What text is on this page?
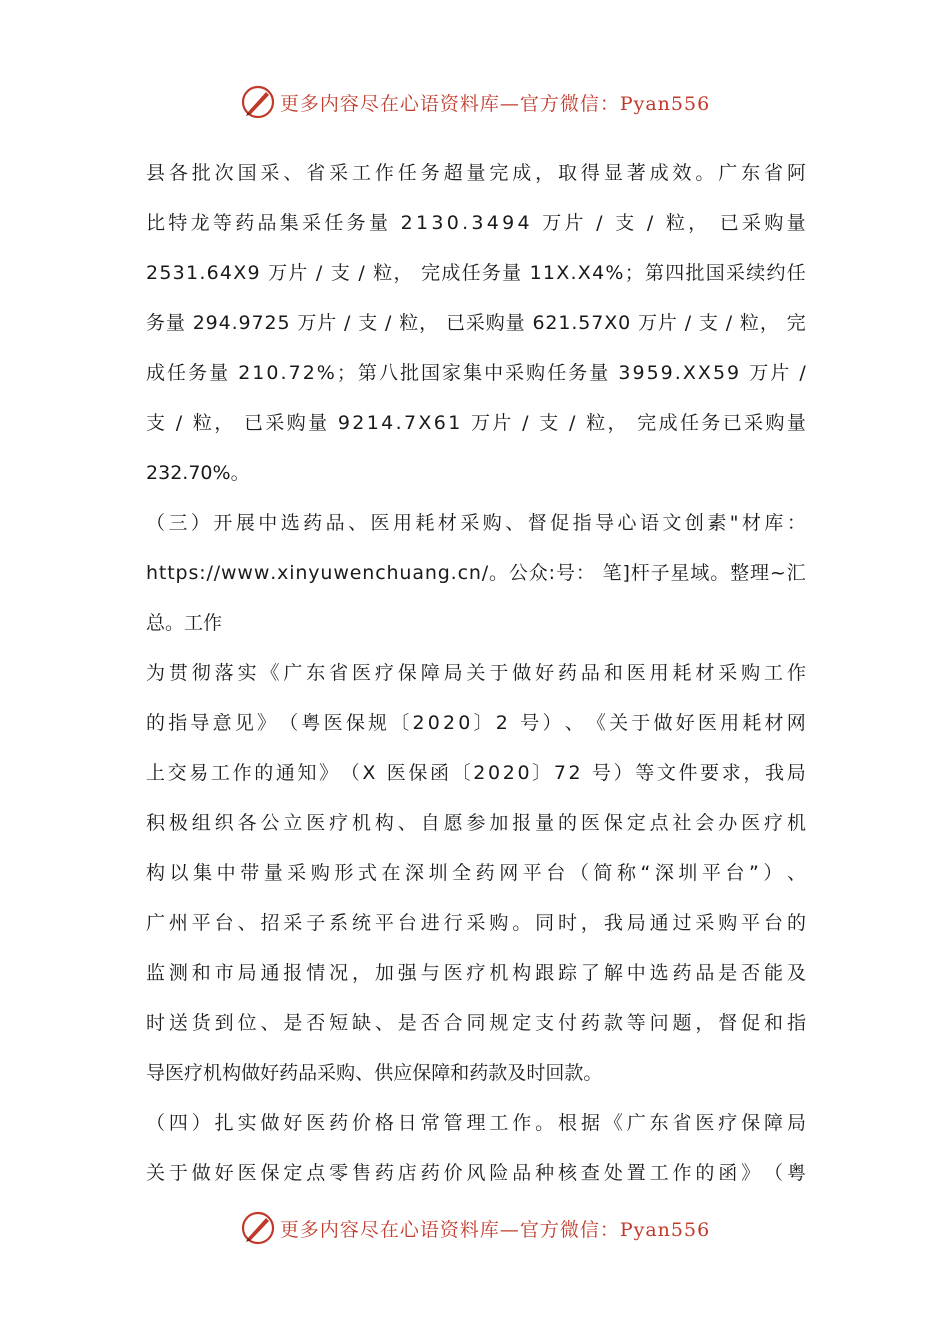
更多内容尽在心语资料库—官方微信：Pyan556
县 各 批 次 国 采 、 省 采 工 作 任 务 超 量 完 成 ， 取 得 显 著 成 效 。 广 东 省 阿
比 特 龙 等 药 品 集 采 任 务 量
2 1 3 0 . 3 4 9 4
万 片
/
支
/
粒 ，
已 采 购 量
2 5 3 1 . 6 4 X 9
万 片
/
支
/
粒 ，
完 成 任 务 量
1 1 X . X 4 % ； 第 四 批 国 采 续 约 任
务 量
2 9 4 . 9 7 2 5
万 片
/
支
/
粒 ，
已 采 购 量
6 2 1 . 5 7 X 0
万 片
/
支
/
粒 ，
完
成 任 务 量
2 1 0 . 7 2 % ； 第 八 批 国 家 集 中 采 购 任 务 量
3 9 5 9 . X X 5 9
万 片
/
支
/
粒 ，
已 采 购 量
9 2 1 4 . 7 X 6 1
万 片
/
支
/
粒 ，
完 成 任 务 已 采 购 量
2 3 2 . 7 0 % 。
（ 三 ） 开 展 中 选 药 品 、 医 用 耗 材 采 购 、 督 促 指 导 心 语 文 创 素 " 材 库 ：
h t t p s : / / w w w . x i n y u w e n c h u a n g . c n / 。 公 众 : 号 ：
笔 ] 杆 子 星 域 。 整 理 ~ 汇
总 。 工 作
为 贯 彻 落 实 《 广 东 省 医 疗 保 障 局 关 于 做 好 药 品 和 医 用 耗 材 采 购 工 作
的 指 导 意 见 》 （ 粤 医 保 规 〔 2 0 2 0 〕 2
号 ） 、 《 关 于 做 好 医 用 耗 材 网
上 交 易 工 作 的 通 知 》 （ X
医 保 函 〔 2 0 2 0 〕 7 2
号 ） 等 文 件 要 求 ， 我 局
积 极 组 织 各 公 立 医 疗 机 构 、 自 愿 参 加 报 量 的 医 保 定 点 社 会 办 医 疗 机
构 以 集 中 带 量 采 购 形 式 在 深 圳 全 药 网 平 台 （ 简 称 “ 深 圳 平 台 ” ） 、
广 州 平 台 、 招 采 子 系 统 平 台 进 行 采 购 。 同 时 ， 我 局 通 过 采 购 平 台 的
监 测 和 市 局 通 报 情 况 ， 加 强 与 医 疗 机 构 跟 踪 了 解 中 选 药 品 是 否 能 及
时 送 货 到 位 、 是 否 短 缺 、 是 否 合 同 规 定 支 付 药 款 等 问 题 ， 督 促 和 指
导 医 疗 机 构 做 好 药 品 采 购 、 供 应 保 障 和 药 款 及 时 回 款 。
（ 四 ） 扎 实 做 好 医 药 价 格 日 常 管 理 工 作 。 根 据 《 广 东 省 医 疗 保 障 局
关 于 做 好 医 保 定 点 零 售 药 店 药 价 风 险 品 种 核 查 处 置 工 作 的 函 》 （ 粤
更多内容尽在心语资料库—官方微信：Pyan556
